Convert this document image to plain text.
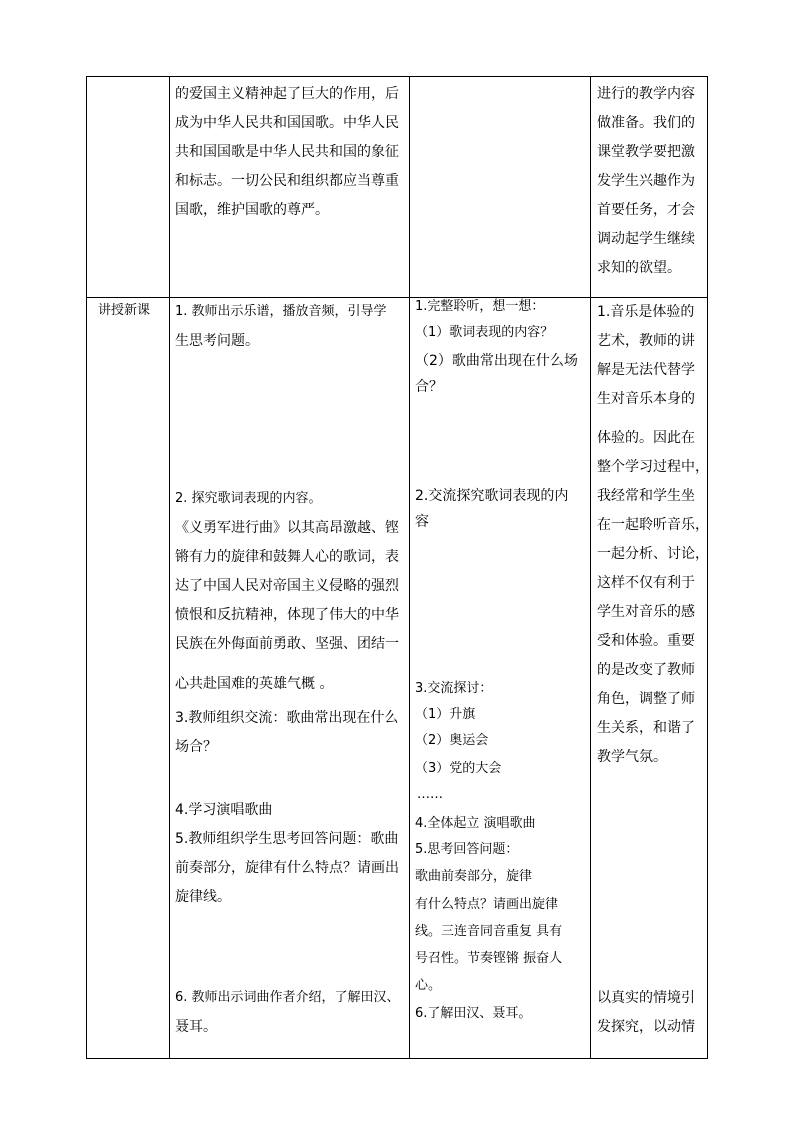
的爱国主义精神起了巨大的作用，后
成为中华人民共和国国歌。中华人民
共和国国歌是中华人民共和国的象征
和标志。一切公民和组织都应当尊重
国歌，维护国歌的尊严。
进行的教学内容
做准备。我们的
课堂教学要把激
发学生兴趣作为
首要任务，才会
调动起学生继续
求知的欲望。
讲授新课 1. 教师出示乐谱，播放音频，引导学
生思考问题。
2. 探究歌词表现的内容。
《义勇军进行曲》以其高昂激越、铿
锵有力的旋律和鼓舞人心的歌词，表
达了中国人民对帝国主义侵略的强烈
愤恨和反抗精神，体现了伟大的中华
民族在外侮面前勇敢、坚强、团结一
心共赴国难的英雄气概 。
3.教师组织交流：歌曲常出现在什么
场合？
4.学习演唱歌曲
5.教师组织学生思考回答问题：歌曲
前奏部分，旋律有什么特点？请画出
旋律线。
6. 教师出示词曲作者介绍，了解田汉、
聂耳。
1.完整聆听，想一想：
（1）歌词表现的内容？
（2）歌曲常出现在什么场
合？
2.交流探究歌词表现的内
容
3.交流探讨：
（1）升旗
（2）奥运会
（3）党的大会
……
4.全体起立 演唱歌曲
5.思考回答问题：
歌曲前奏部分，旋律
有什么特点？请画出旋律
线。三连音同音重复 具有
号召性。节奏铿锵 振奋人
心。
6.了解田汉、聂耳。
1.音乐是体验的
艺术，教师的讲
解是无法代替学
生对音乐本身的
体验的。因此在
整个学习过程中，
我经常和学生坐
在一起聆听音乐，
一起分析、讨论，
这样不仅有利于
学生对音乐的感
受和体验。重要
的是改变了教师
角色，调整了师
生关系，和谐了
教学气氛。
以真实的情境引
发探究，以动情
